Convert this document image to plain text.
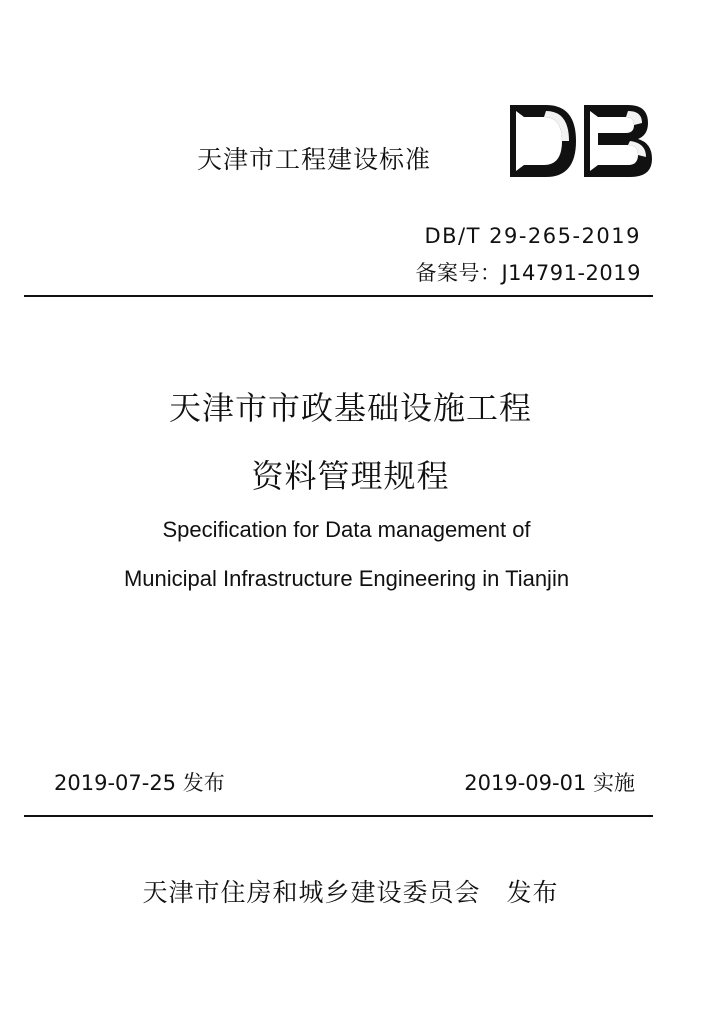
天津市工程建设标准
DB/T 29-265-2019
备案号：J14791-2019
天津市市政基础设施工程
资料管理规程
Specification for Data management of
Municipal Infrastructure Engineering in Tianjin
2019-07-25 发布	2019-09-01 实施
天津市住房和城乡建设委员会　发布
